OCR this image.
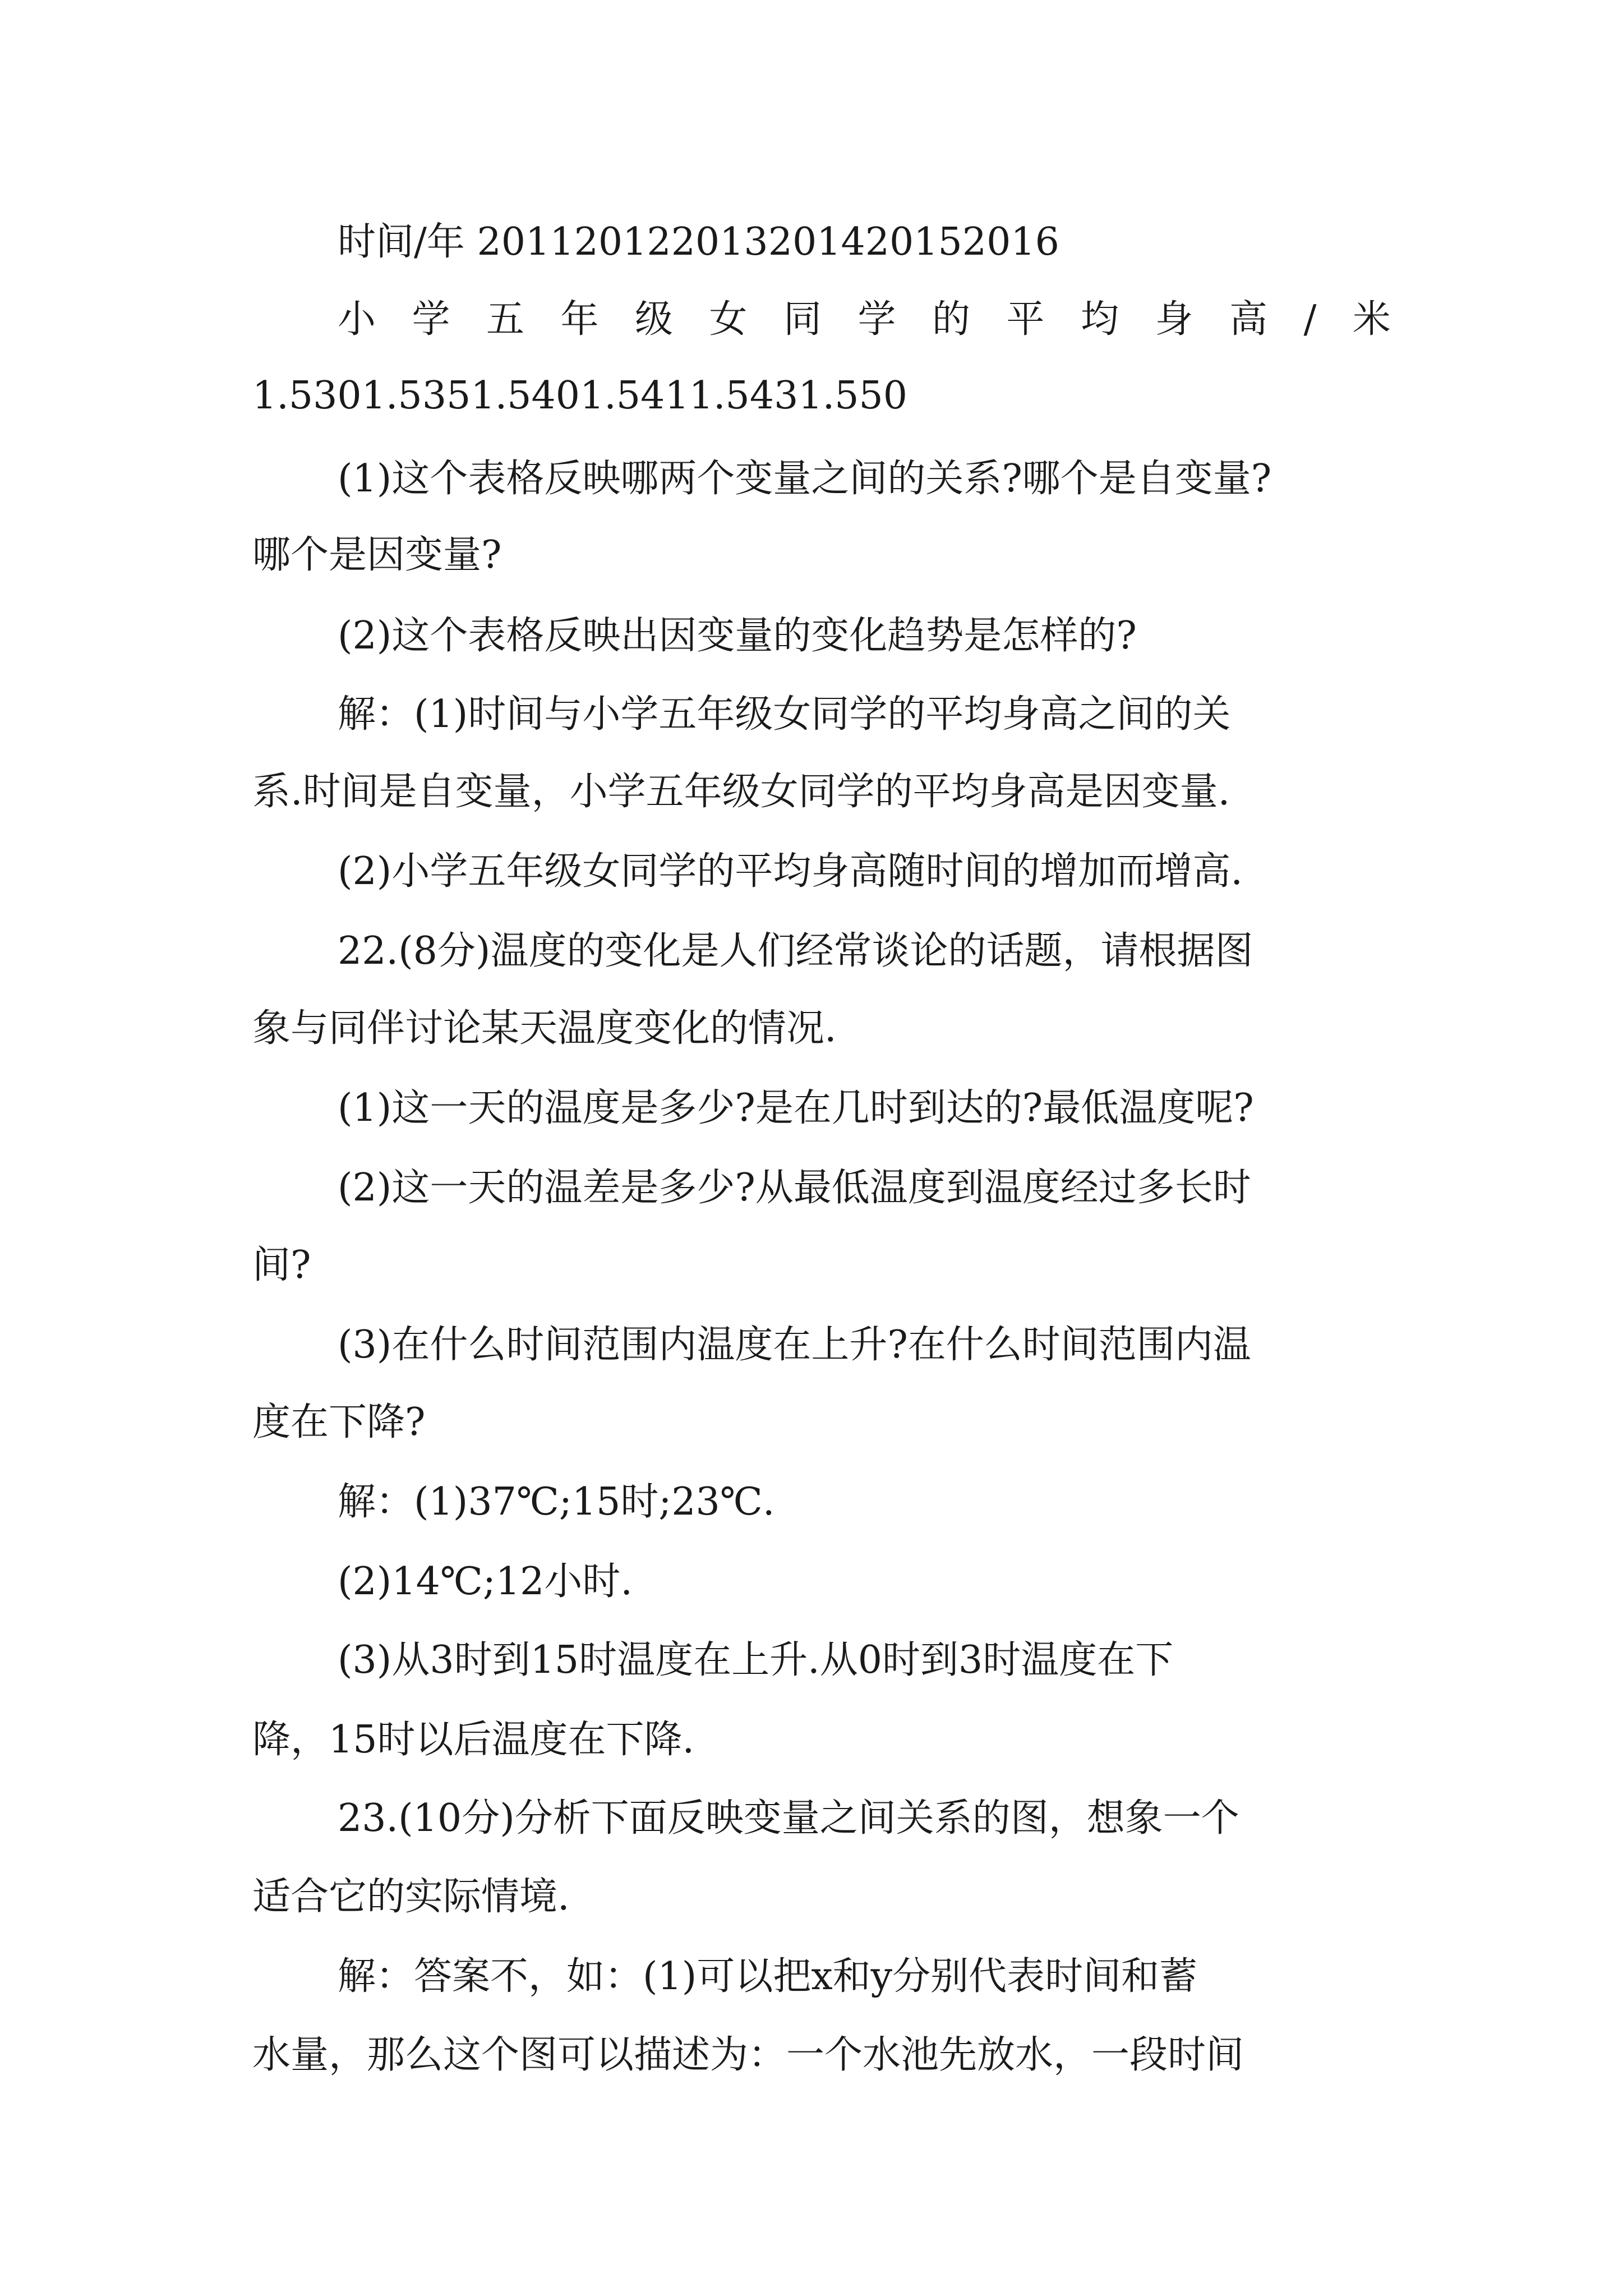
时间/年 201120122013201420152016
小 学 五 年 级 女 同 学 的 平 均 身 高 / 米
1.5301.5351.5401.5411.5431.550
(1)这个表格反映哪两个变量之间的关系?哪个是自变量?
哪个是因变量?
(2)这个表格反映出因变量的变化趋势是怎样的?
解：(1)时间与小学五年级女同学的平均身高之间的关
系.时间是自变量，小学五年级女同学的平均身高是因变量.
(2)小学五年级女同学的平均身高随时间的增加而增高.
22.(8分)温度的变化是人们经常谈论的话题，请根据图
象与同伴讨论某天温度变化的情况.
(1)这一天的温度是多少?是在几时到达的?最低温度呢?
(2)这一天的温差是多少?从最低温度到温度经过多长时
间?
(3)在什么时间范围内温度在上升?在什么时间范围内温
度在下降?
解：(1)37℃;15时;23℃.
(2)14℃;12小时.
(3)从3时到15时温度在上升.从0时到3时温度在下
降，15时以后温度在下降.
23.(10分)分析下面反映变量之间关系的图，想象一个
适合它的实际情境.
解：答案不，如：(1)可以把x和y分别代表时间和蓄
水量，那么这个图可以描述为：一个水池先放水，一段时间
